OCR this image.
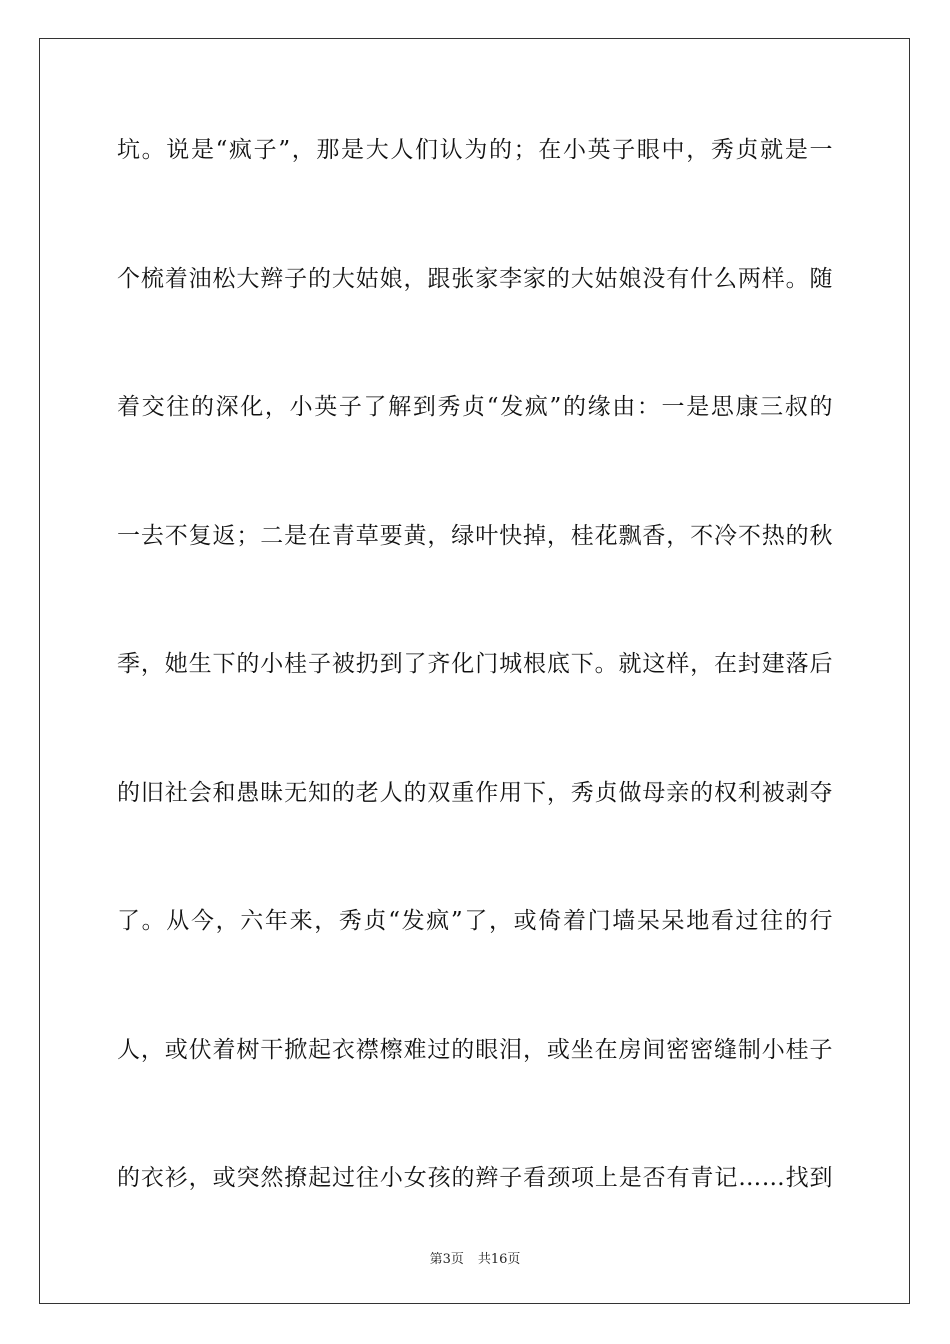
坑。说是“疯子”，那是大人们认为的；在小英子眼中，秀贞就是一
个梳着油松大辫子的大姑娘，跟张家李家的大姑娘没有什么两样。随
着交往的深化，小英子了解到秀贞“发疯”的缘由：一是思康三叔的
一去不复返；二是在青草要黄，绿叶快掉，桂花飘香，不冷不热的秋
季，她生下的小桂子被扔到了齐化门城根底下。就这样，在封建落后
的旧社会和愚昧无知的老人的双重作用下，秀贞做母亲的权利被剥夺
了。从今，六年来，秀贞“发疯”了，或倚着门墙呆呆地看过往的行
人，或伏着树干掀起衣襟檫难过的眼泪，或坐在房间密密缝制小桂子
的衣衫，或突然撩起过往小女孩的辫子看颈项上是否有青记……找到
第3页 共16页
